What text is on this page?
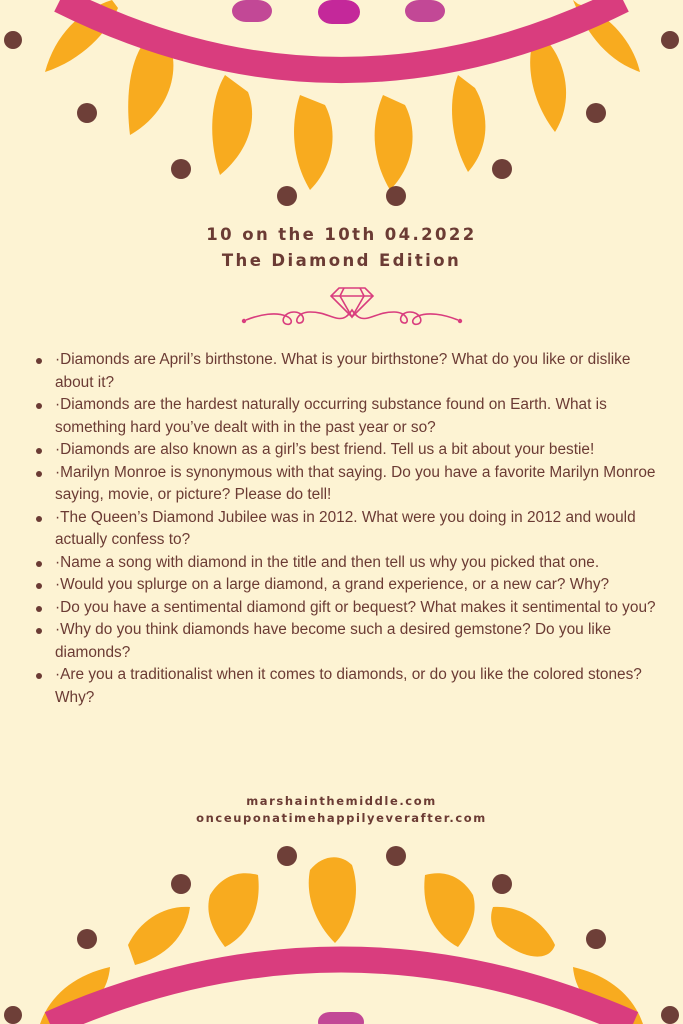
10 on the 10th 04.2022
The Diamond Edition
·Diamonds are April’s birthstone. What is your birthstone? What do you like or dislike about it?
·Diamonds are the hardest naturally occurring substance found on Earth. What is something hard you’ve dealt with in the past year or so?
·Diamonds are also known as a girl’s best friend. Tell us a bit about your bestie!
·Marilyn Monroe is synonymous with that saying. Do you have a favorite Marilyn Monroe saying, movie, or picture? Please do tell!
·The Queen’s Diamond Jubilee was in 2012. What were you doing in 2012 and would actually confess to?
·Name a song with diamond in the title and then tell us why you picked that one.
·Would you splurge on a large diamond, a grand experience, or a new car? Why?
·Do you have a sentimental diamond gift or bequest? What makes it sentimental to you?
·Why do you think diamonds have become such a desired gemstone? Do you like diamonds?
·Are you a traditionalist when it comes to diamonds, or do you like the colored stones? Why?
marshainthemiddle.com
onceuponatimehappilyeverafter.com
